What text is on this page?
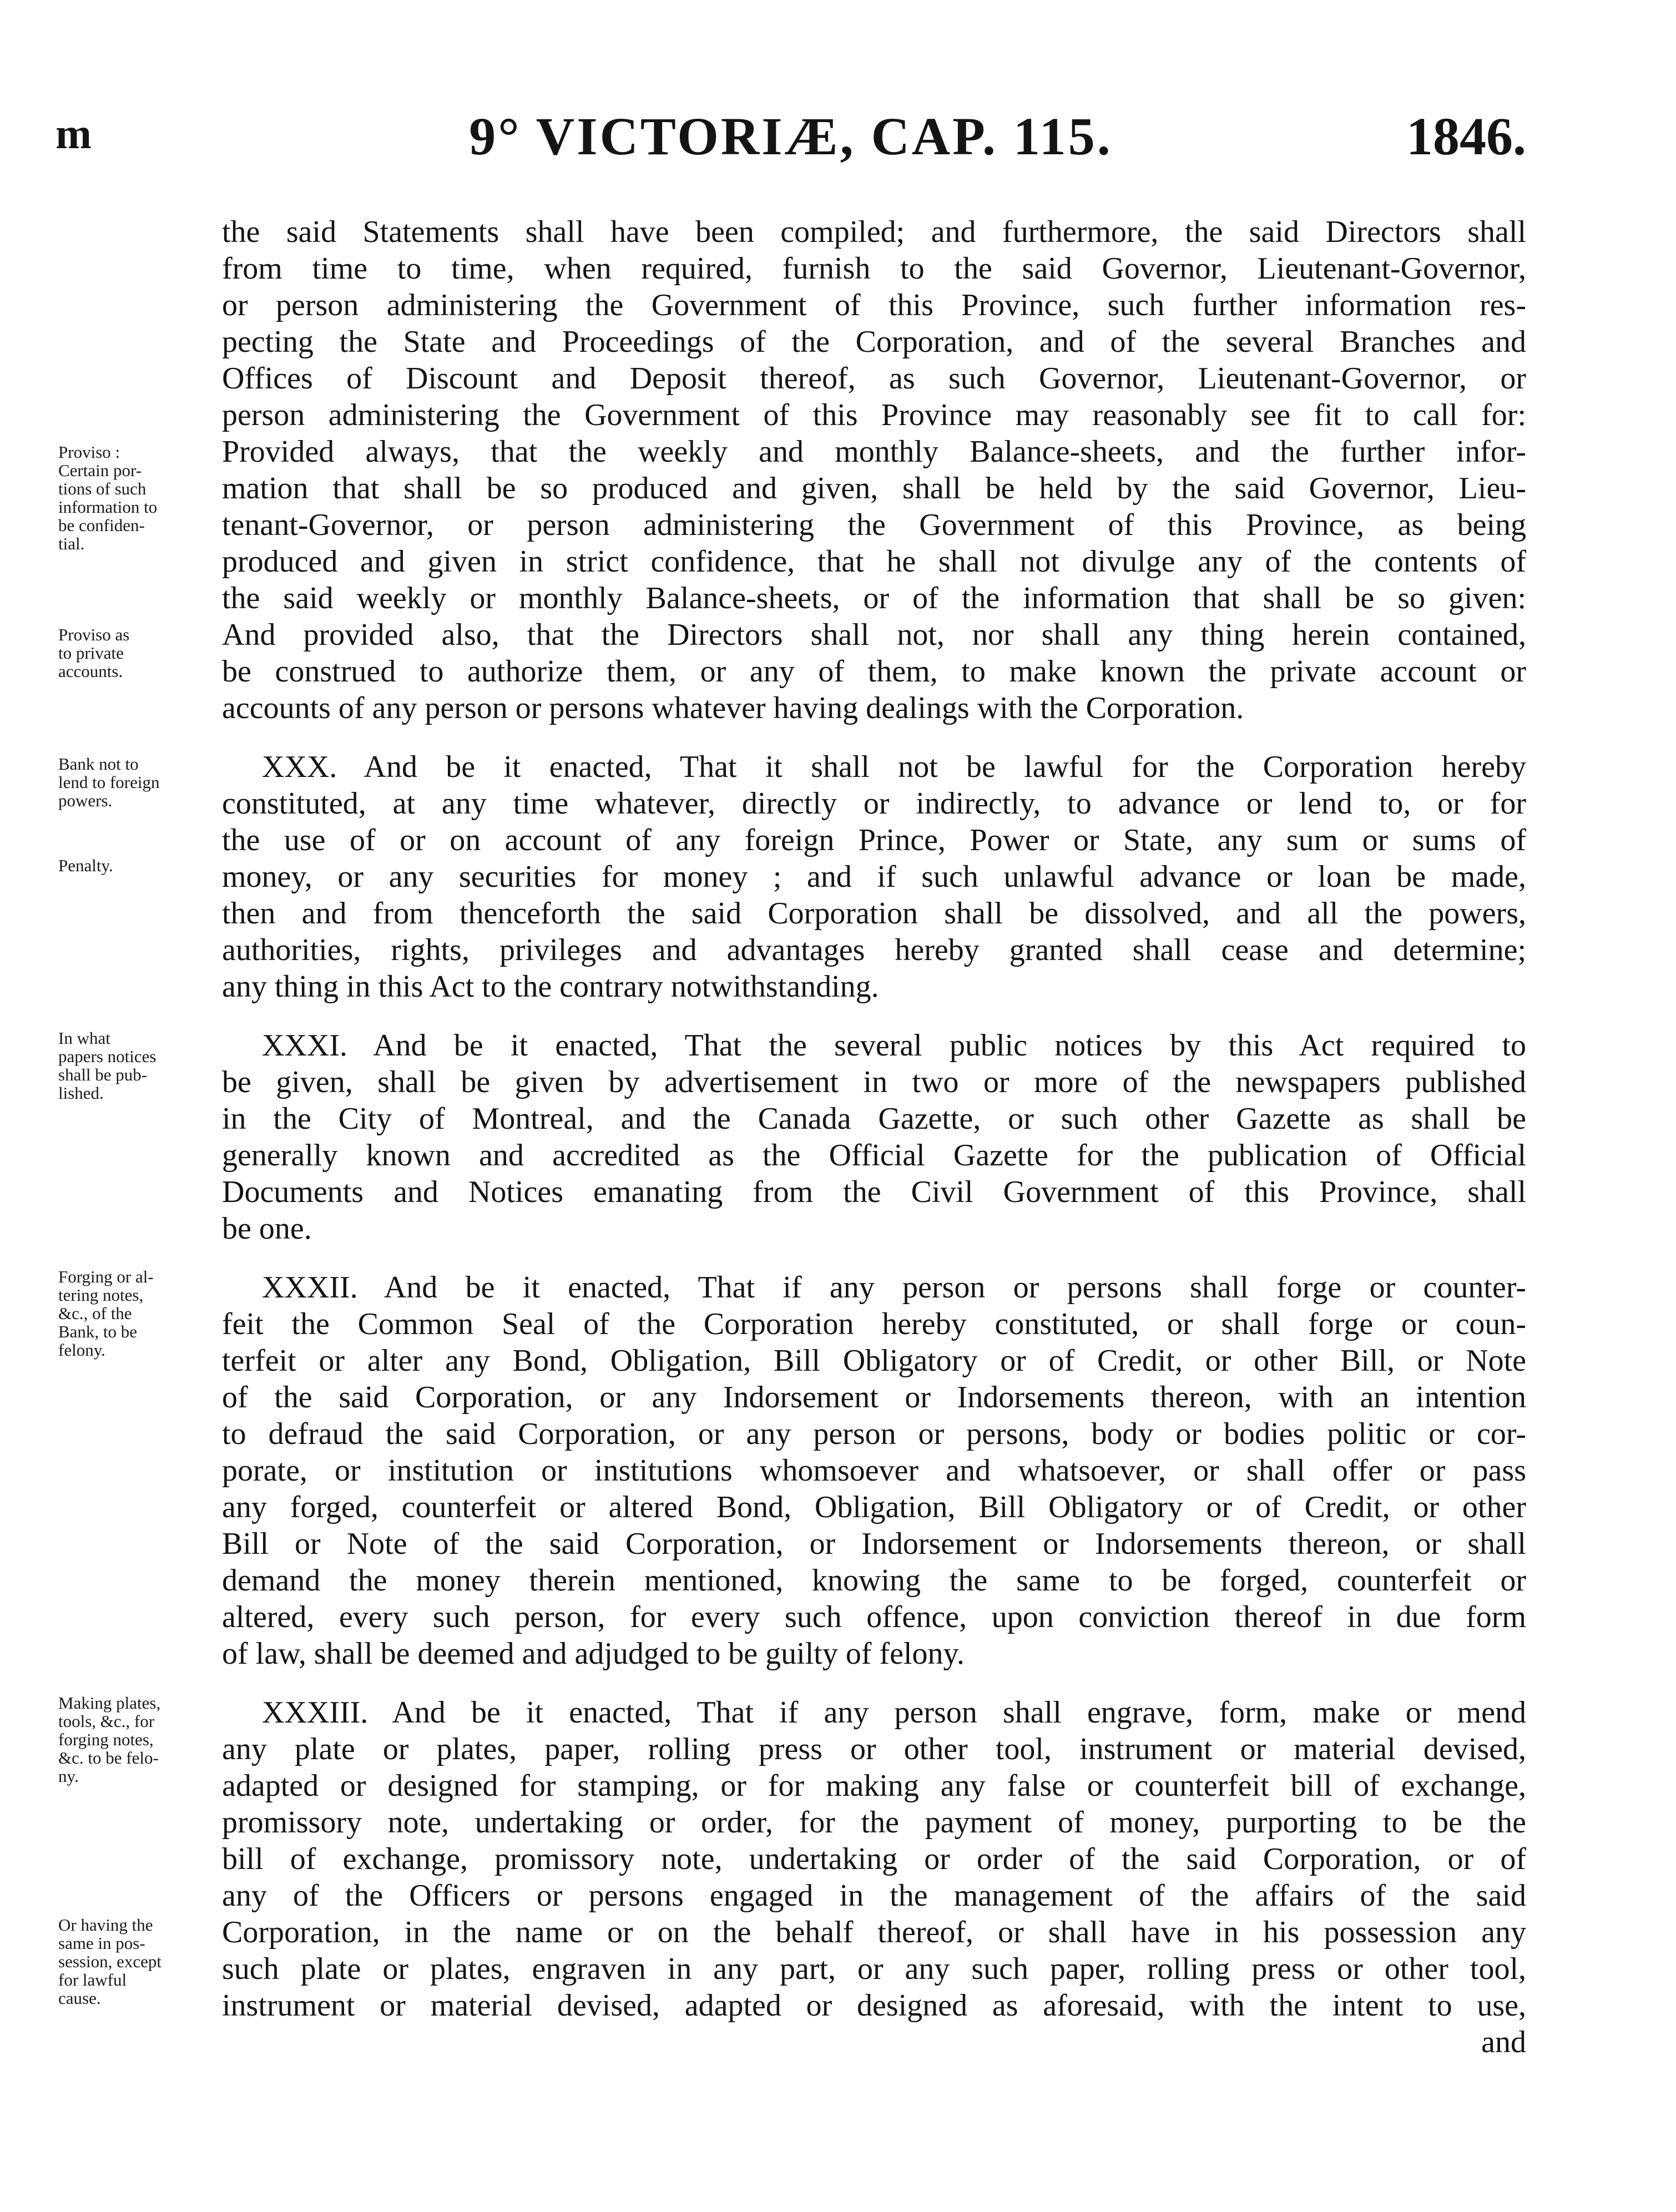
m	9° VICTORIÆ, CAP. 115.	1846.
Proviso :
Certain por-
tions of such
information to
be confiden-
tial.
Proviso as
to private
accounts.
Bank not to
lend to foreign
powers.
Penalty.
In what
papers notices
shall be pub-
lished.
Forging or al-
tering notes,
&c., of the
Bank, to be
felony.
Making plates,
tools, &c., for
forging notes,
&c. to be felo-
ny.
Or having the
same in pos-
session, except
for lawful
cause.

the said Statements shall have been compiled; and furthermore, the said Directors shall
from time to time, when required, furnish to the said Governor, Lieutenant-Governor,
or person administering the Government of this Province, such further information res-
pecting the State and Proceedings of the Corporation, and of the several Branches and
Offices of Discount and Deposit thereof, as such Governor, Lieutenant-Governor, or
person administering the Government of this Province may reasonably see fit to call for:
Provided always, that the weekly and monthly Balance-sheets, and the further infor-
mation that shall be so produced and given, shall be held by the said Governor, Lieu-
tenant-Governor, or person administering the Government of this Province, as being
produced and given in strict confidence, that he shall not divulge any of the contents of
the said weekly or monthly Balance-sheets, or of the information that shall be so given:
And provided also, that the Directors shall not, nor shall any thing herein contained,
be construed to authorize them, or any of them, to make known the private account or
accounts of any person or persons whatever having dealings with the Corporation.

XXX. And be it enacted, That it shall not be lawful for the Corporation hereby
constituted, at any time whatever, directly or indirectly, to advance or lend to, or for
the use of or on account of any foreign Prince, Power or State, any sum or sums of
money, or any securities for money ; and if such unlawful advance or loan be made,
then and from thenceforth the said Corporation shall be dissolved, and all the powers,
authorities, rights, privileges and advantages hereby granted shall cease and determine;
any thing in this Act to the contrary notwithstanding.

XXXI. And be it enacted, That the several public notices by this Act required to
be given, shall be given by advertisement in two or more of the newspapers published
in the City of Montreal, and the Canada Gazette, or such other Gazette as shall be
generally known and accredited as the Official Gazette for the publication of Official
Documents and Notices emanating from the Civil Government of this Province, shall
be one.

XXXII. And be it enacted, That if any person or persons shall forge or counter-
feit the Common Seal of the Corporation hereby constituted, or shall forge or coun-
terfeit or alter any Bond, Obligation, Bill Obligatory or of Credit, or other Bill, or Note
of the said Corporation, or any Indorsement or Indorsements thereon, with an intention
to defraud the said Corporation, or any person or persons, body or bodies politic or cor-
porate, or institution or institutions whomsoever and whatsoever, or shall offer or pass
any forged, counterfeit or altered Bond, Obligation, Bill Obligatory or of Credit, or other
Bill or Note of the said Corporation, or Indorsement or Indorsements thereon, or shall
demand the money therein mentioned, knowing the same to be forged, counterfeit or
altered, every such person, for every such offence, upon conviction thereof in due form
of law, shall be deemed and adjudged to be guilty of felony.

XXXIII. And be it enacted, That if any person shall engrave, form, make or mend
any plate or plates, paper, rolling press or other tool, instrument or material devised,
adapted or designed for stamping, or for making any false or counterfeit bill of exchange,
promissory note, undertaking or order, for the payment of money, purporting to be the
bill of exchange, promissory note, undertaking or order of the said Corporation, or of
any of the Officers or persons engaged in the management of the affairs of the said
Corporation, in the name or on the behalf thereof, or shall have in his possession any
such plate or plates, engraven in any part, or any such paper, rolling press or other tool,
instrument or material devised, adapted or designed as aforesaid, with the intent to use,
and
